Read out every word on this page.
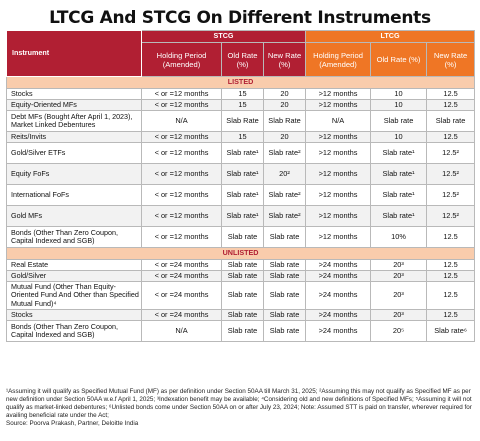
LTCG And STCG On Different Instruments
Instrument	STCG			LTCG		
	Holding Period (Amended)	Old Rate (%)	New Rate (%)	Holding Period (Amended)	Old Rate (%)	New Rate (%)
LISTED						
Stocks	< or =12 months	15	20	>12 months	10	12.5
Equity-Oriented MFs	< or =12 months	15	20	>12 months	10	12.5
Debt MFs (Bought After April 1, 2023), Market Linked Debentures	N/A	Slab Rate	Slab Rate	N/A	Slab rate	Slab rate
Reits/Invits	< or =12 months	15	20	>12 months	10	12.5
Gold/Silver ETFs	< or =12 months	Slab rate¹	Slab rate²	>12 months	Slab rate¹	12.5²
Equity FoFs	< or =12 months	Slab rate¹	20²	>12 months	Slab rate¹	12.5²
International FoFs	< or =12 months	Slab rate¹	Slab rate²	>12 months	Slab rate¹	12.5²
Gold MFs	< or =12 months	Slab rate¹	Slab rate²	>12 months	Slab rate¹	12.5²
Bonds (Other Than Zero Coupon, Capital Indexed and SGB)	< or =12 months	Slab rate	Slab rate	>12 months	10%	12.5
UNLISTED						
Real Estate	< or =24 months	Slab rate	Slab rate	>24 months	20³	12.5
Gold/Silver	< or =24 months	Slab rate	Slab rate	>24 months	20³	12.5
Mutual Fund (Other Than Equity-Oriented Fund And Other than Specified Mutual Fund)⁴	< or =24 months	Slab rate	Slab rate	>24 months	20³	12.5
Stocks	< or =24 months	Slab rate	Slab rate	>24 months	20³	12.5
Bonds (Other Than Zero Coupon, Capital Indexed and SGB)	N/A	Slab rate	Slab rate	>24 months	20⁵	Slab rate⁶
¹Assuming it will qualify as Specified Mutual Fund (MF) as per definition under Section 50AA till March 31, 2025; ²Assuming this may not qualify as Specified MF as per new definition under Section 50AA w.e.f April 1, 2025; ³Indexation benefit may be available; ⁴Considering old and new definitions of Specified MFs; ⁵Assuming it will not qualify as market-linked debentures; ⁶Unlisted bonds come under Section 50AA on or after July 23, 2024; Note: Assumed STT is paid on transfer, wherever required for availing beneficial rate under the Act;
Source: Poorva Prakash, Partner, Deloitte India
